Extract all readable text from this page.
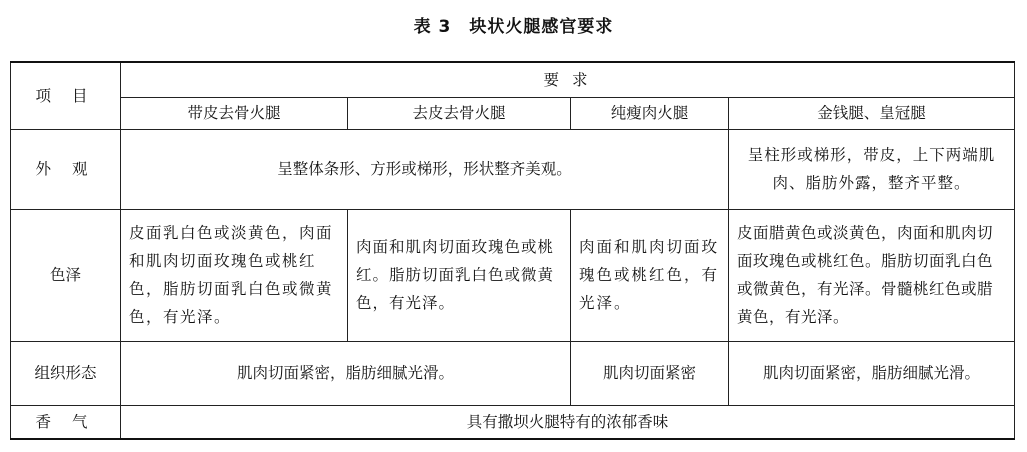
表 3 块状火腿感官要求
项 目	要 求			
	带皮去骨火腿	去皮去骨火腿	纯瘦肉火腿	金钱腿、皇冠腿
外 观	呈整体条形、方形或梯形，形状整齐美观。			呈柱形或梯形，带皮，上下两端肌肉、脂肪外露，整齐平整。
色泽	皮面乳白色或淡黄色，肉面和肌肉切面玫瑰色或桃红色，脂肪切面乳白色或微黄色，有光泽。	肉面和肌肉切面玫瑰色或桃红。脂肪切面乳白色或微黄色，有光泽。	肉面和肌肉切面玫瑰色或桃红色，有光泽。	皮面腊黄色或淡黄色，肉面和肌肉切面玫瑰色或桃红色。脂肪切面乳白色或微黄色，有光泽。骨髓桃红色或腊黄色，有光泽。
组织形态	肌肉切面紧密，脂肪细腻光滑。		肌肉切面紧密	肌肉切面紧密，脂肪细腻光滑。
香 气	具有撒坝火腿特有的浓郁香味			
